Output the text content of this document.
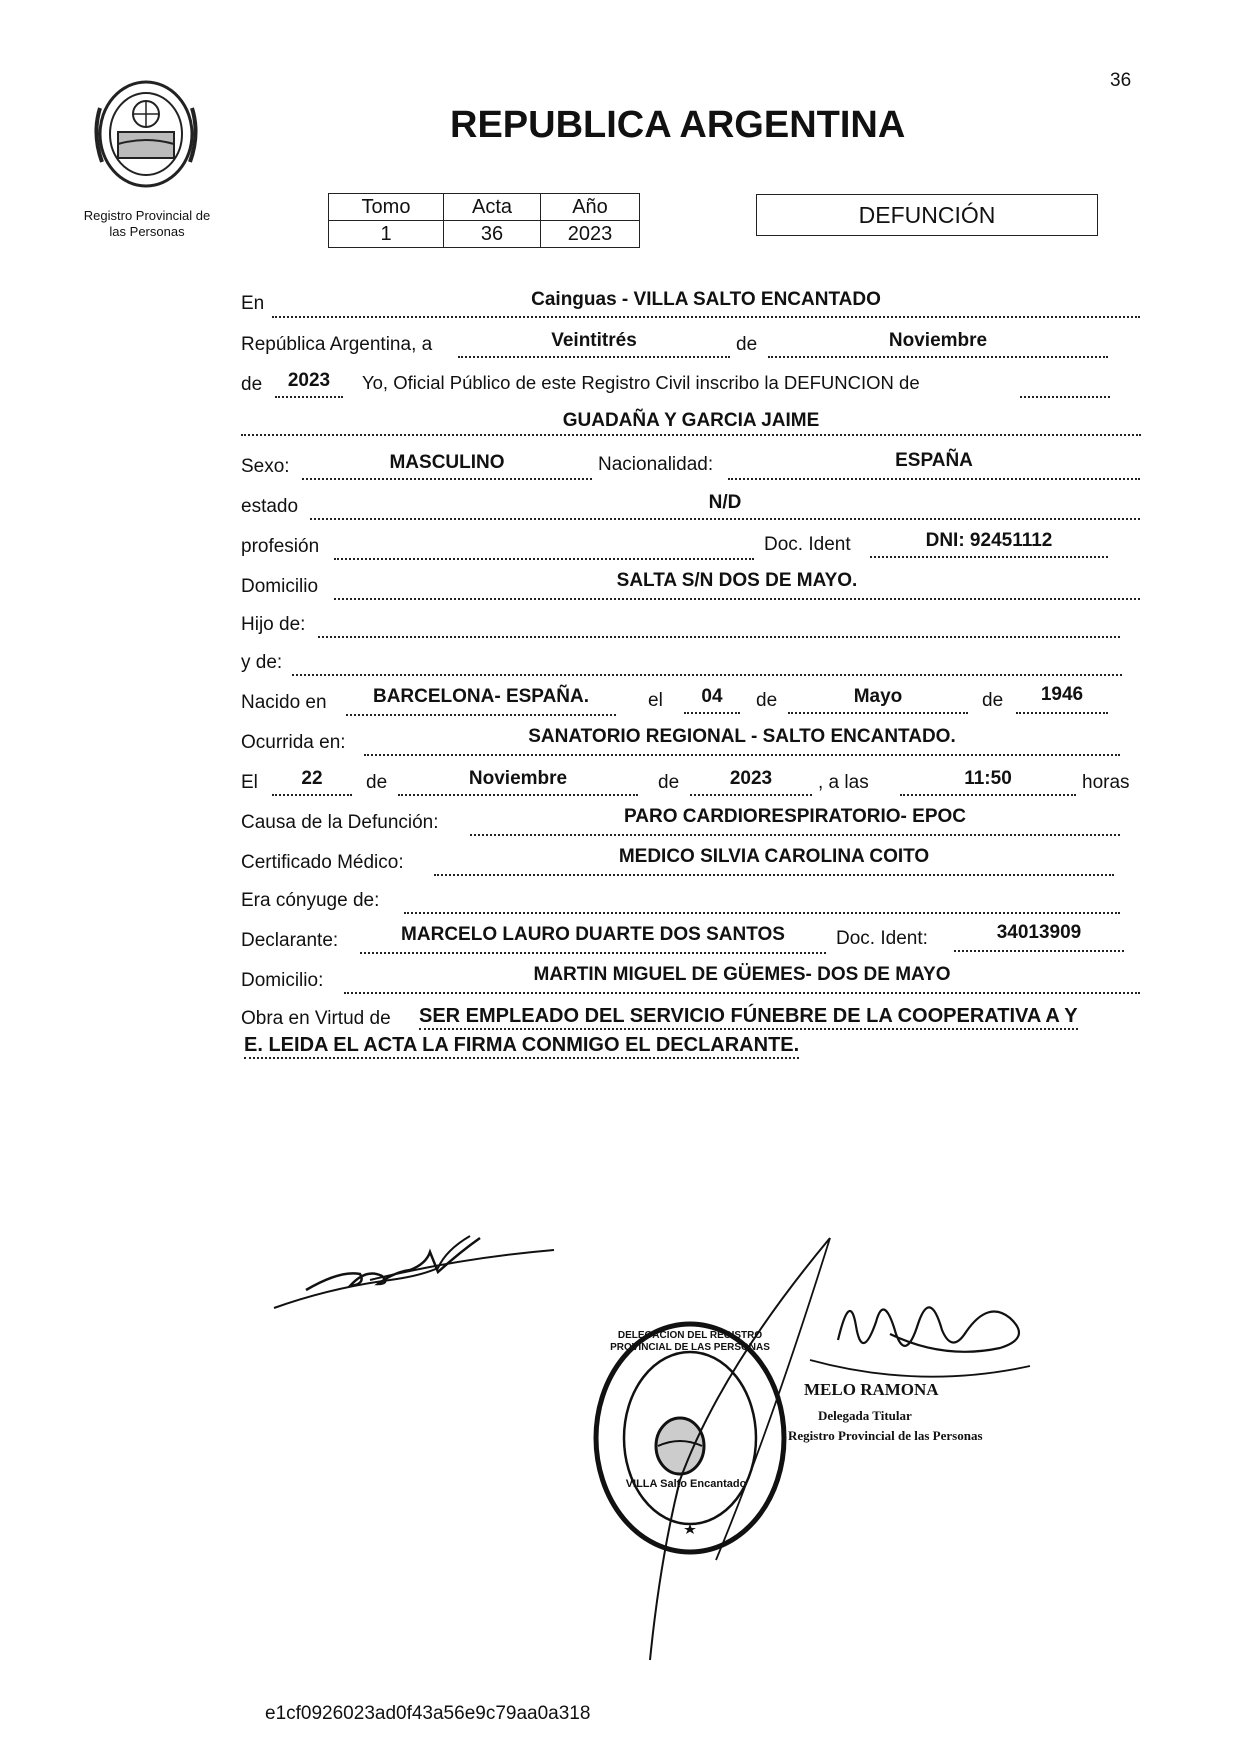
36
Registro Provincial de
las Personas
REPUBLICA ARGENTINA
Tomo	Acta	Año
1	36	2023
DEFUNCIÓN
En	Cainguas - VILLA SALTO ENCANTADO
República Argentina, a	Veintitrés	de	Noviembre
de	2023	Yo, Oficial Público de este Registro Civil inscribo la DEFUNCION de
GUADAÑA Y GARCIA JAIME
Sexo:	MASCULINO	Nacionalidad:	ESPAÑA
estado	N/D
profesión	Doc. Ident	DNI: 92451112
Domicilio	SALTA S/N DOS DE MAYO.
Hijo de:
y de:
Nacido en	BARCELONA- ESPAÑA.	el	04	de	Mayo	de	1946
Ocurrida en:	SANATORIO REGIONAL - SALTO ENCANTADO.
El	22	de	Noviembre	de	2023	, a las	11:50	horas
Causa de la Defunción:	PARO CARDIORESPIRATORIO- EPOC
Certificado Médico:	MEDICO SILVIA CAROLINA COITO
Era cónyuge de:
Declarante:	MARCELO LAURO DUARTE DOS SANTOS	Doc. Ident:	34013909
Domicilio:	MARTIN MIGUEL DE GÜEMES- DOS DE MAYO
Obra en Virtud de SER EMPLEADO DEL SERVICIO FÚNEBRE DE LA COOPERATIVA A Y
E. LEIDA EL ACTA LA FIRMA CONMIGO EL DECLARANTE.
DELEGACION DEL REGISTRO PROVINCIAL DE LAS PERSONAS
VILLA Salto Encantado
MELO RAMONA
Delegada Titular
Registro Provincial de las Personas
e1cf0926023ad0f43a56e9c79aa0a318
